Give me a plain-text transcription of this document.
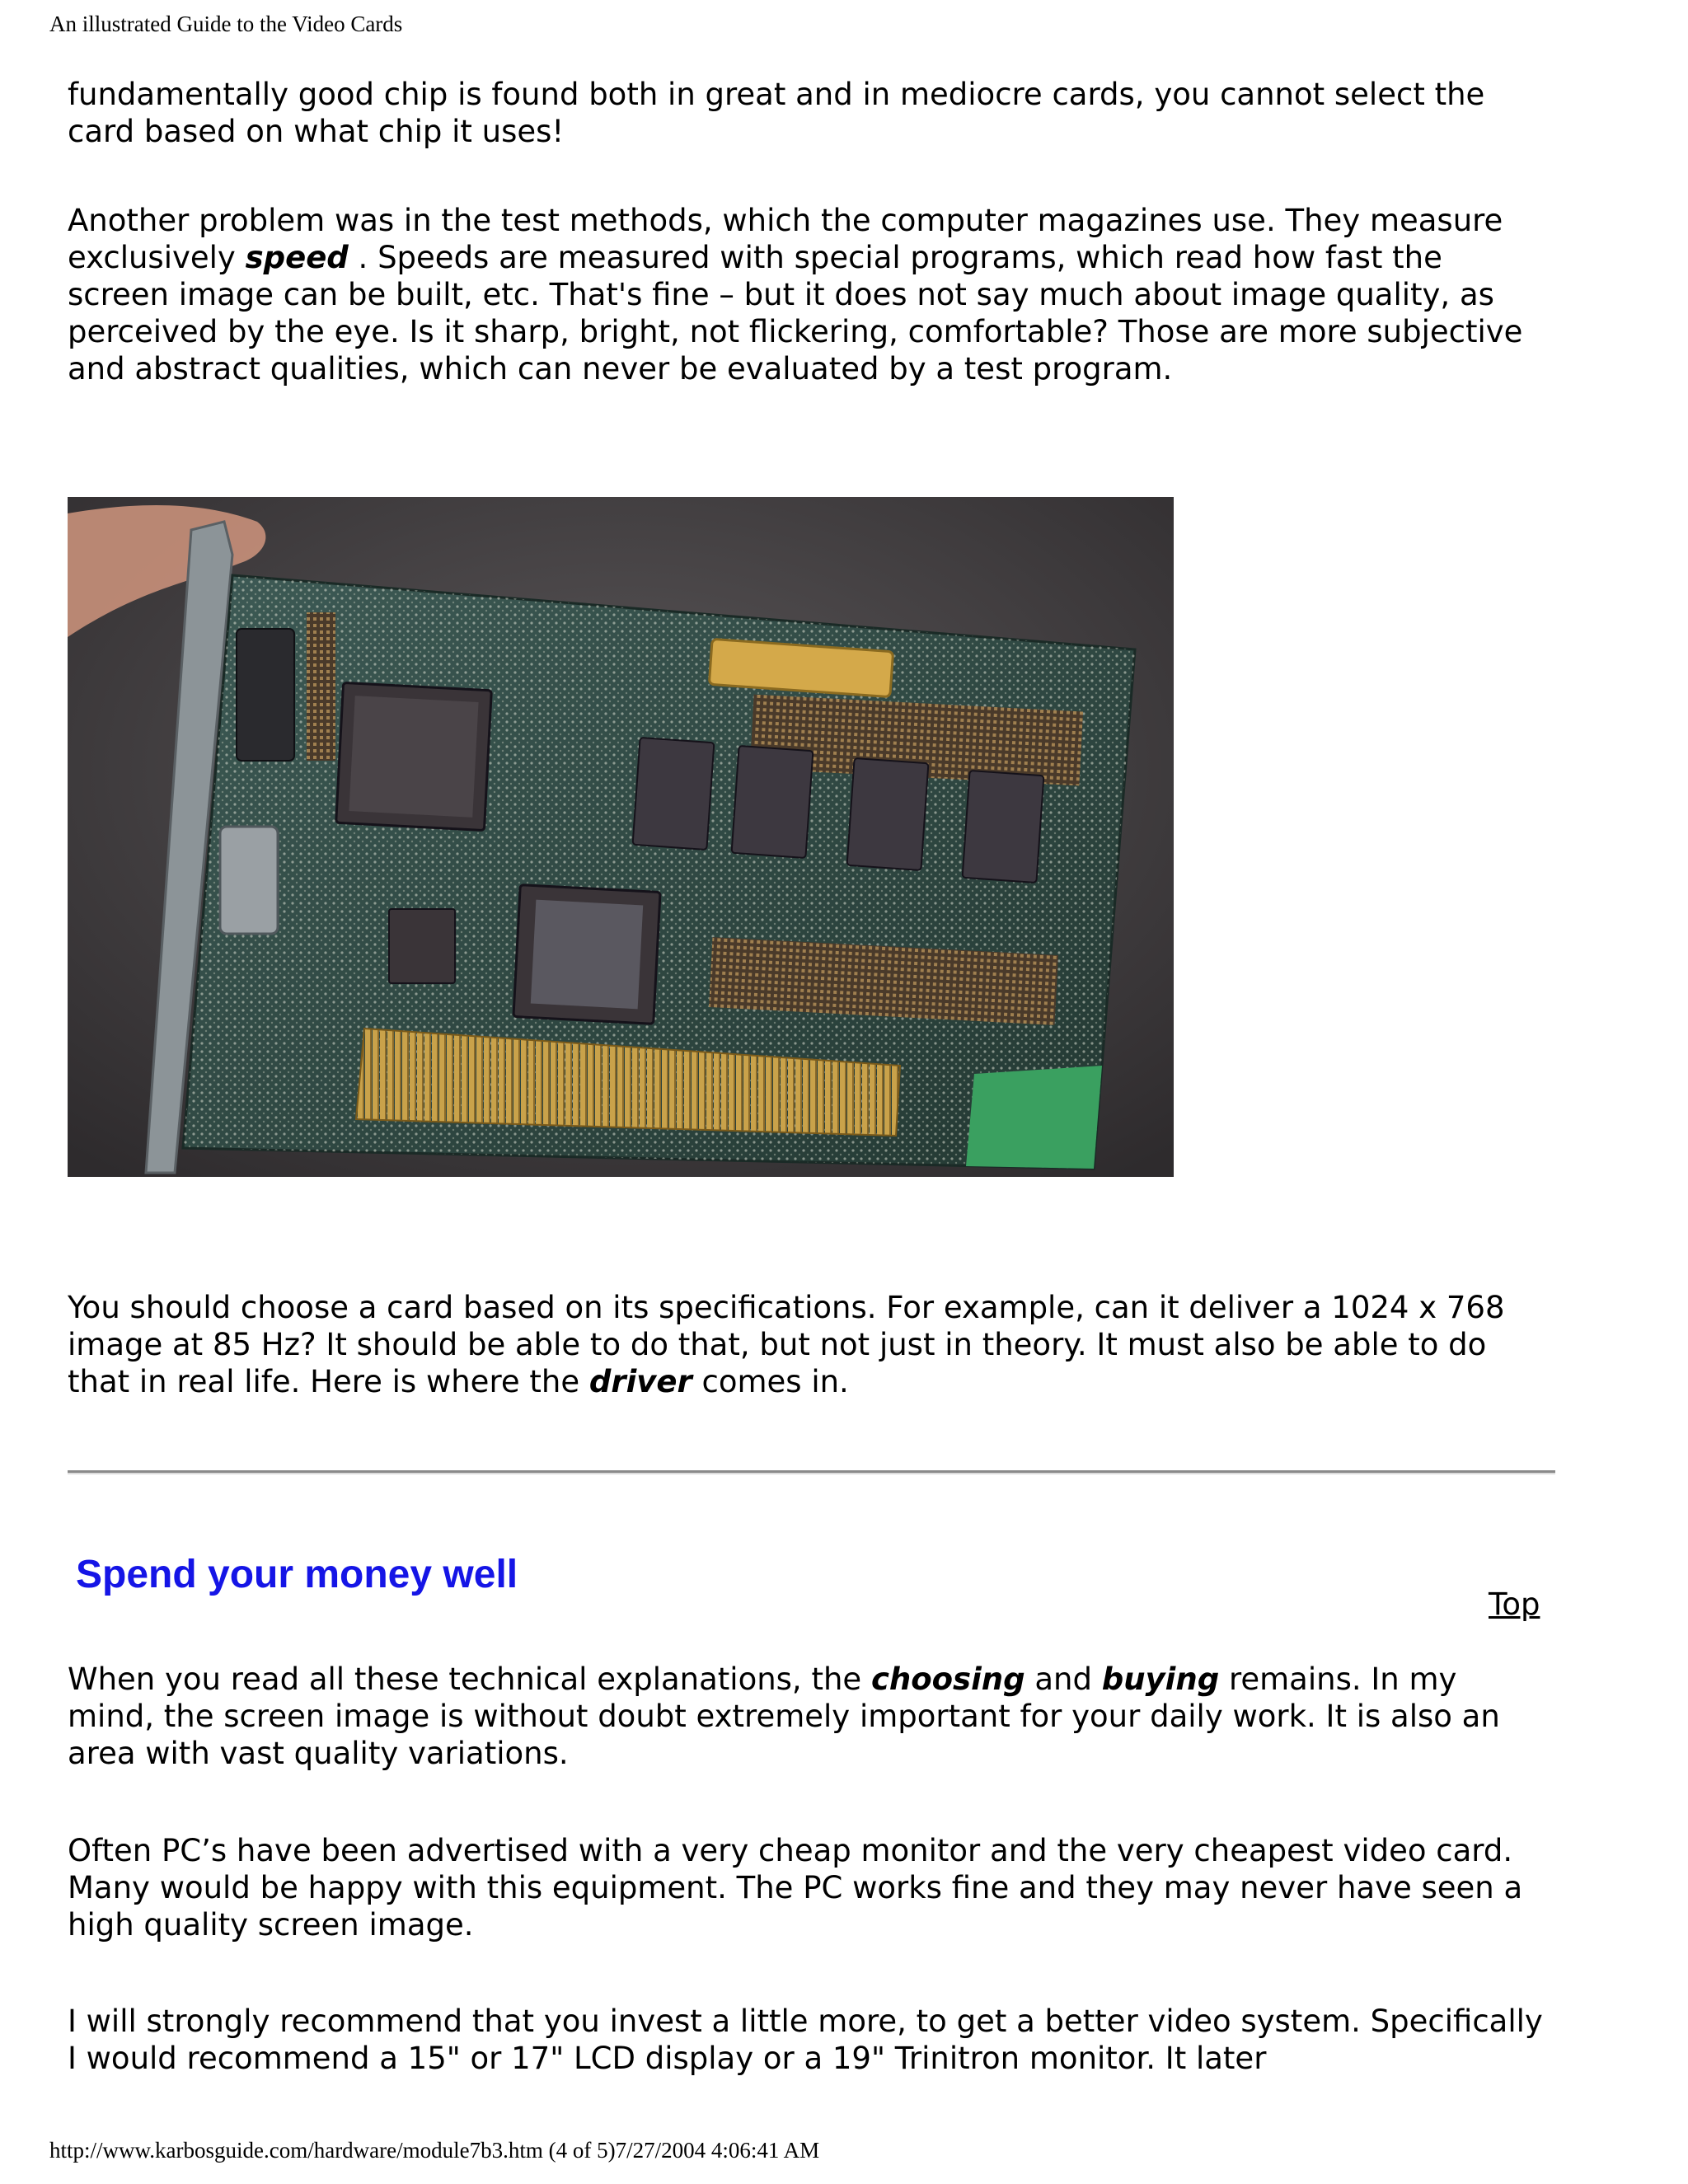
An illustrated Guide to the Video Cards

fundamentally good chip is found both in great and in mediocre cards, you cannot select the card based on what chip it uses!

Another problem was in the test methods, which the computer magazines use. They measure exclusively speed . Speeds are measured with special programs, which read how fast the screen image can be built, etc. That's fine – but it does not say much about image quality, as perceived by the eye. Is it sharp, bright, not flickering, comfortable? Those are more subjective and abstract qualities, which can never be evaluated by a test program.

You should choose a card based on its specifications. For example, can it deliver a 1024 x 768 image at 85 Hz? It should be able to do that, but not just in theory. It must also be able to do that in real life. Here is where the driver comes in.

When you read all these technical explanations, the choosing and buying remains. In my mind, the screen image is without doubt extremely important for your daily work. It is also an area with vast quality variations.

Often PC’s have been advertised with a very cheap monitor and the very cheapest video card. Many would be happy with this equipment. The PC works fine and they may never have seen a high quality screen image.

I will strongly recommend that you invest a little more, to get a better video system. Specifically I would recommend a 15" or 17" LCD display or a 19" Trinitron monitor. It later

Spend your money well
Top
http://www.karbosguide.com/hardware/module7b3.htm (4 of 5)7/27/2004 4:06:41 AM
